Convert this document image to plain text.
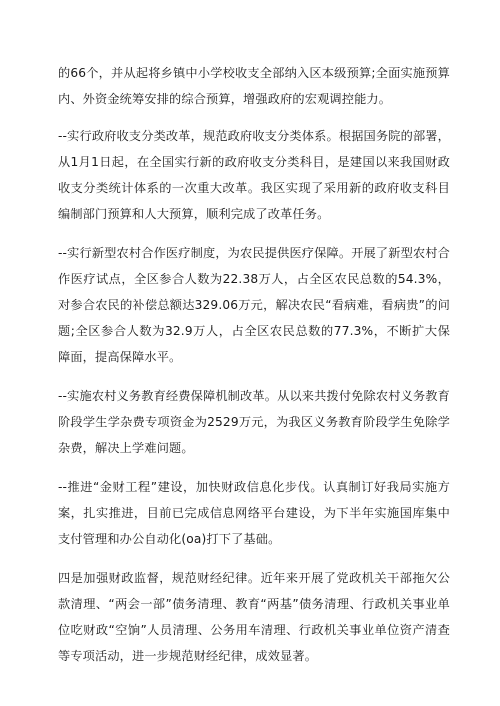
的66个，并从起将乡镇中小学校收支全部纳入区本级预算;全面实施预算内、外资金统筹安排的综合预算，增强政府的宏观调控能力。

--实行政府收支分类改革，规范政府收支分类体系。根据国务院的部署，从1月1日起，在全国实行新的政府收支分类科目，是建国以来我国财政收支分类统计体系的一次重大改革。我区实现了采用新的政府收支科目编制部门预算和人大预算，顺利完成了改革任务。

--实行新型农村合作医疗制度，为农民提供医疗保障。开展了新型农村合作医疗试点，全区参合人数为22.38万人，占全区农民总数的54.3%，对参合农民的补偿总额达329.06万元，解决农民“看病难，看病贵”的问题;全区参合人数为32.9万人，占全区农民总数的77.3%，不断扩大保障面，提高保障水平。

--实施农村义务教育经费保障机制改革。从以来共拨付免除农村义务教育阶段学生学杂费专项资金为2529万元，为我区义务教育阶段学生免除学杂费，解决上学难问题。

--推进“金财工程”建设，加快财政信息化步伐。认真制订好我局实施方案，扎实推进，目前已完成信息网络平台建设，为下半年实施国库集中支付管理和办公自动化(oa)打下了基础。

四是加强财政监督，规范财经纪律。近年来开展了党政机关干部拖欠公款清理、“两会一部”债务清理、教育“两基”债务清理、行政机关事业单位吃财政“空饷”人员清理、公务用车清理、行政机关事业单位资产清查等专项活动，进一步规范财经纪律，成效显著。
